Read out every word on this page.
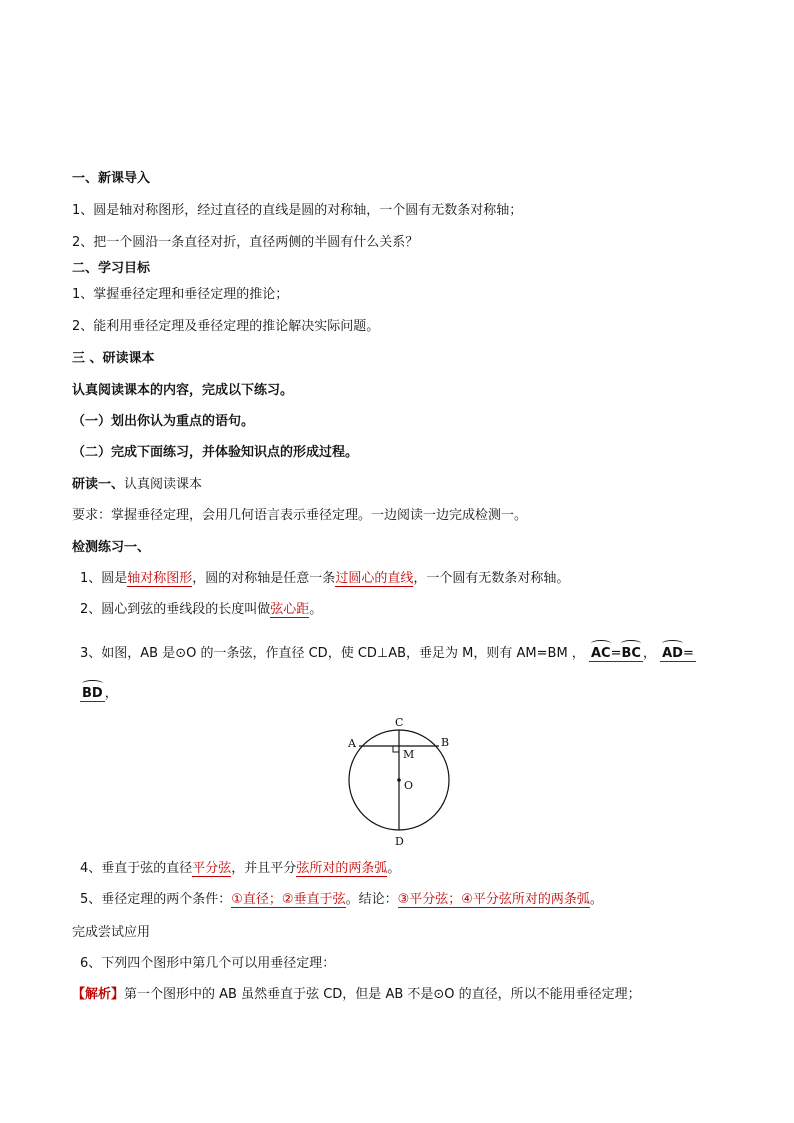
一、新课导入
1、圆是轴对称图形，经过直径的直线是圆的对称轴，一个圆有无数条对称轴；
2、把一个圆沿一条直径对折，直径两侧的半圆有什么关系？
二、学习目标
1、掌握垂径定理和垂径定理的推论；
2、能利用垂径定理及垂径定理的推论解决实际问题。
三 、研读课本
认真阅读课本的内容，完成以下练习。
（一）划出你认为重点的语句。
（二）完成下面练习，并体验知识点的形成过程。
研读一、认真阅读课本
要求：掌握垂径定理，会用几何语言表示垂径定理。一边阅读一边完成检测一。
检测练习一、
1、圆是轴对称图形，圆的对称轴是任意一条过圆心的直线，一个圆有无数条对称轴。
2、圆心到弦的垂线段的长度叫做弦心距。
3、如图，AB 是⊙O 的一条弦，作直径 CD，使 CD⊥AB，垂足为 M，则有 AM=BM ， AC=BC ， AD=
BD ，
C
A	B
M
O
D
4、垂直于弦的直径平分弦，并且平分弦所对的两条弧。
5、垂径定理的两个条件：①直径；②垂直于弦。结论：③平分弦；④平分弦所对的两条弧。
完成尝试应用
6、下列四个图形中第几个可以用垂径定理：
【解析】第一个图形中的 AB 虽然垂直于弦 CD，但是 AB 不是⊙O 的直径，所以不能用垂径定理；
